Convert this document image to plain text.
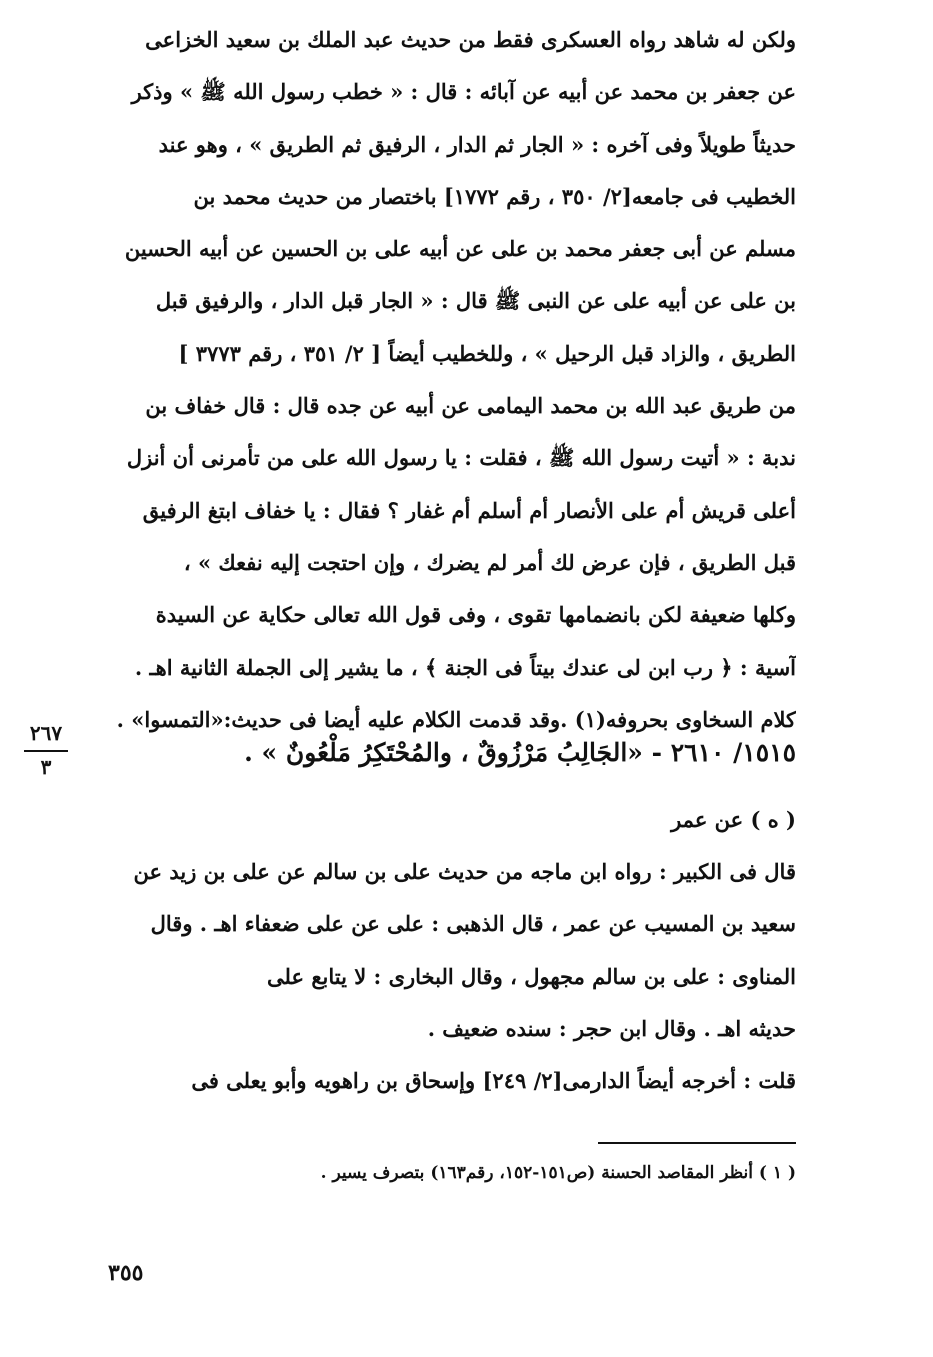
ولكن له شاهد رواه العسكرى فقط من حديث عبد الملك بن سعيد الخزاعى
عن جعفر بن محمد عن أبيه عن آبائه : قال : « خطب رسول الله ﷺ » وذكر
حديثاً طويلاً وفى آخره : « الجار ثم الدار ، الرفيق ثم الطريق » ، وهو عند
الخطيب فى جامعه[٢/ ٣٥٠ ، رقم ١٧٧٢] باختصار من حديث محمد بن
مسلم عن أبى جعفر محمد بن على عن أبيه على بن الحسين عن أبيه الحسين
بن على عن أبيه على عن النبى ﷺ قال : « الجار قبل الدار ، والرفيق قبل
الطريق ، والزاد قبل الرحيل » ، وللخطيب أيضاً [ ٢/ ٣٥١ ، رقم ٣٧٧٣ ]
من طريق عبد الله بن محمد اليمامى عن أبيه عن جده قال : قال خفاف بن
ندبة : « أتيت رسول الله ﷺ ، فقلت : يا رسول الله على من تأمرنى أن أنزل
أعلى قريش أم على الأنصار أم أسلم أم غفار ؟ فقال : يا خفاف ابتغ الرفيق
قبل الطريق ، فإن عرض لك أمر لم يضرك ، وإن احتجت إليه نفعك » ،
وكلها ضعيفة لكن بانضمامها تقوى ، وفى قول الله تعالى حكاية عن السيدة
آسية : ﴿ رب ابن لى عندك بيتاً فى الجنة ﴾ ، ما يشير إلى الجملة الثانية اهـ .
كلام السخاوى بحروفه(١) .وقد قدمت الكلام عليه أيضا فى حديث:«التمسوا» .
٢٦٧
٣	١٥١٥/ ٢٦١٠ - «الجَالِبُ مَرْزُوقٌ ، والمُحْتَكِرُ مَلْعُونٌ » .
( ه ) عن عمر
قال فى الكبير : رواه ابن ماجه من حديث على بن سالم عن على بن زيد عن
سعيد بن المسيب عن عمر ، قال الذهبى : على عن على ضعفاء اهـ . وقال
المناوى : على بن سالم مجهول ، وقال البخارى : لا يتابع على
حديثه اهـ . وقال ابن حجر : سنده ضعيف .
قلت : أخرجه أيضاً الدارمى[٢/ ٢٤٩] وإسحاق بن راهويه وأبو يعلى فى
( ١ ) أنظر المقاصد الحسنة (ص١٥١-١٥٢، رقم١٦٣) بتصرف يسير .
٣٥٥
